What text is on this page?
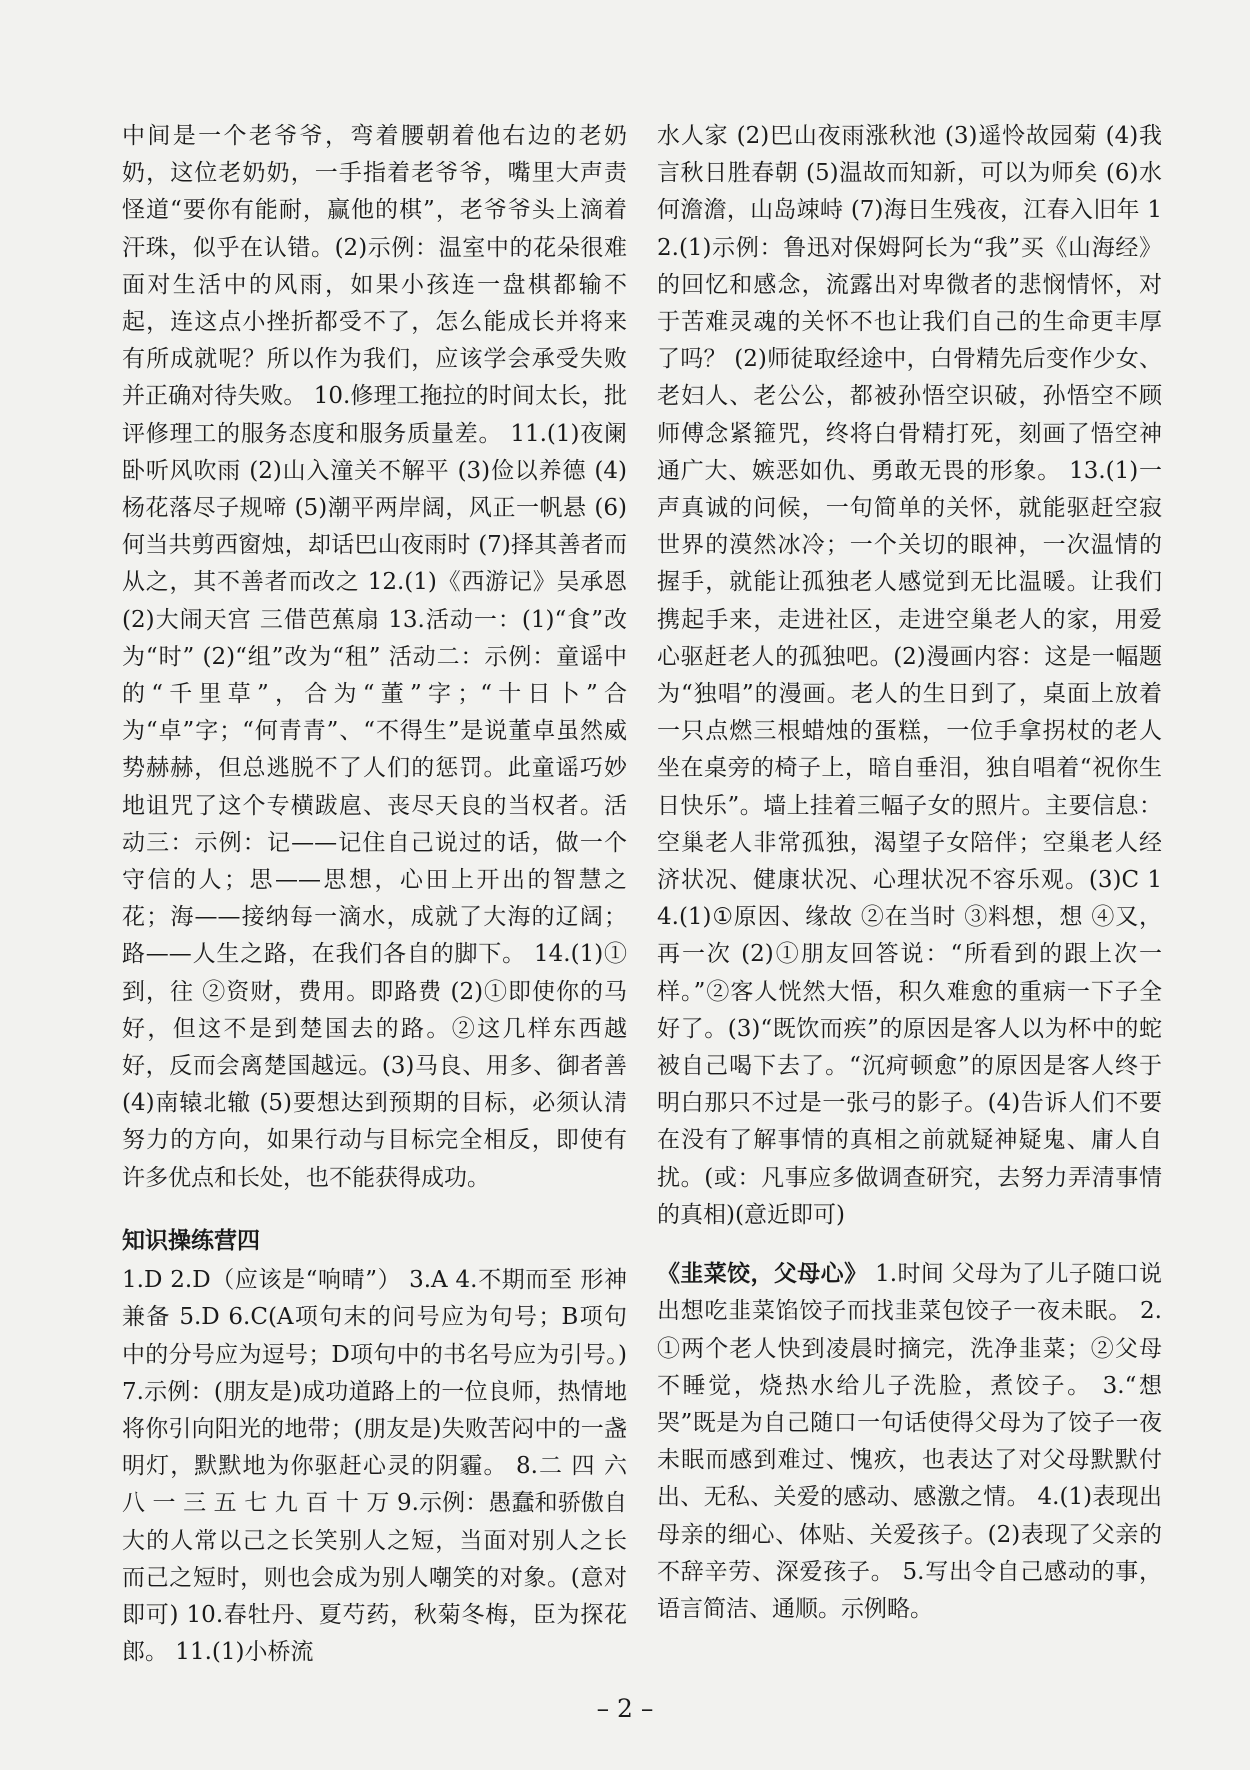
中间是一个老爷爷，弯着腰朝着他右边的老奶奶，这位老奶奶，一手指着老爷爷，嘴里大声责怪道“要你有能耐，赢他的棋”，老爷爷头上滴着汗珠，似乎在认错。(2)示例：温室中的花朵很难面对生活中的风雨，如果小孩连一盘棋都输不起，连这点小挫折都受不了，怎么能成长并将来有所成就呢？所以作为我们，应该学会承受失败并正确对待失败。 10.修理工拖拉的时间太长，批评修理工的服务态度和服务质量差。 11.(1)夜阑卧听风吹雨 (2)山入潼关不解平 (3)俭以养德 (4)杨花落尽子规啼 (5)潮平两岸阔，风正一帆悬 (6)何当共剪西窗烛，却话巴山夜雨时 (7)择其善者而从之，其不善者而改之 12.(1)《西游记》吴承恩 (2)大闹天宫 三借芭蕉扇 13.活动一：(1)“食”改为“时” (2)“组”改为“租” 活动二：示例：童谣中的“千里草”，合为“董”字；“十日卜”合为“卓”字；“何青青”、“不得生”是说董卓虽然威势赫赫，但总逃脱不了人们的惩罚。此童谣巧妙地诅咒了这个专横跋扈、丧尽天良的当权者。活动三：示例：记——记住自己说过的话，做一个守信的人；思——思想，心田上开出的智慧之花；海——接纳每一滴水，成就了大海的辽阔；路——人生之路，在我们各自的脚下。 14.(1)①到，往 ②资财，费用。即路费 (2)①即使你的马好，但这不是到楚国去的路。②这几样东西越好，反而会离楚国越远。(3)马良、用多、御者善 (4)南辕北辙 (5)要想达到预期的目标，必须认清努力的方向，如果行动与目标完全相反，即使有许多优点和长处，也不能获得成功。

知识操练营四

1.D 2.D（应该是“响晴”） 3.A 4.不期而至 形神兼备 5.D 6.C(A项句末的问号应为句号；B项句中的分号应为逗号；D项句中的书名号应为引号。) 7.示例：(朋友是)成功道路上的一位良师，热情地将你引向阳光的地带；(朋友是)失败苦闷中的一盏明灯，默默地为你驱赶心灵的阴霾。 8.二 四 六 八 一 三 五 七 九 百 十 万 9.示例：愚蠢和骄傲自大的人常以己之长笑别人之短，当面对别人之长而己之短时，则也会成为别人嘲笑的对象。(意对即可) 10.春牡丹、夏芍药，秋菊冬梅，臣为探花郎。 11.(1)小桥流

水人家 (2)巴山夜雨涨秋池 (3)遥怜故园菊 (4)我言秋日胜春朝 (5)温故而知新，可以为师矣 (6)水何澹澹，山岛竦峙 (7)海日生残夜，江春入旧年 12.(1)示例：鲁迅对保姆阿长为“我”买《山海经》的回忆和感念，流露出对卑微者的悲悯情怀，对于苦难灵魂的关怀不也让我们自己的生命更丰厚了吗？ (2)师徒取经途中，白骨精先后变作少女、老妇人、老公公，都被孙悟空识破，孙悟空不顾师傅念紧箍咒，终将白骨精打死，刻画了悟空神通广大、嫉恶如仇、勇敢无畏的形象。 13.(1)一声真诚的问候，一句简单的关怀，就能驱赶空寂世界的漠然冰冷；一个关切的眼神，一次温情的握手，就能让孤独老人感觉到无比温暖。让我们携起手来，走进社区，走进空巢老人的家，用爱心驱赶老人的孤独吧。(2)漫画内容：这是一幅题为“独唱”的漫画。老人的生日到了，桌面上放着一只点燃三根蜡烛的蛋糕，一位手拿拐杖的老人坐在桌旁的椅子上，暗自垂泪，独自唱着“祝你生日快乐”。墙上挂着三幅子女的照片。主要信息：空巢老人非常孤独，渴望子女陪伴；空巢老人经济状况、健康状况、心理状况不容乐观。(3)C 14.(1)①原因、缘故 ②在当时 ③料想，想 ④又，再一次 (2)①朋友回答说：“所看到的跟上次一样。”②客人恍然大悟，积久难愈的重病一下子全好了。(3)“既饮而疾”的原因是客人以为杯中的蛇被自己喝下去了。“沉疴顿愈”的原因是客人终于明白那只不过是一张弓的影子。(4)告诉人们不要在没有了解事情的真相之前就疑神疑鬼、庸人自扰。(或：凡事应多做调查研究，去努力弄清事情的真相)(意近即可)

《韭菜饺，父母心》 1.时间 父母为了儿子随口说出想吃韭菜馅饺子而找韭菜包饺子一夜未眠。 2.①两个老人快到凌晨时摘完，洗净韭菜；②父母不睡觉，烧热水给儿子洗脸，煮饺子。 3.“想哭”既是为自己随口一句话使得父母为了饺子一夜未眠而感到难过、愧疚，也表达了对父母默默付出、无私、关爱的感动、感激之情。 4.(1)表现出母亲的细心、体贴、关爱孩子。(2)表现了父亲的不辞辛劳、深爱孩子。 5.写出令自己感动的事，语言简洁、通顺。示例略。

– 2 –
